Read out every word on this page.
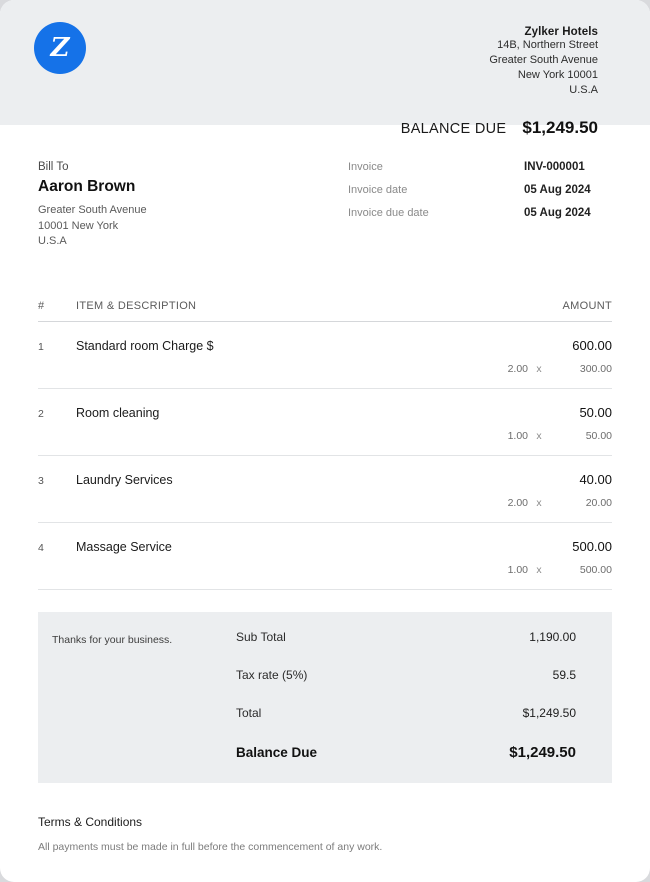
Z
Zylker Hotels
14B, Northern Street
Greater South Avenue
New York 10001
U.S.A
BALANCE DUE $1,249.50
Bill To
Aaron Brown
Greater South Avenue
10001 New York
U.S.A
Invoice	INV-000001
Invoice date	05 Aug 2024
Invoice due date	05 Aug 2024
#	ITEM & DESCRIPTION	AMOUNT
1	Standard room Charge $	600.00
2.00 x	300.00
2	Room cleaning	50.00
1.00 x	50.00
3	Laundry Services	40.00
2.00 x	20.00
4	Massage Service	500.00
1.00 x	500.00
Thanks for your business.	Sub Total	1,190.00
Tax rate (5%)	59.5
Total	$1,249.50
Balance Due	$1,249.50
Terms & Conditions
All payments must be made in full before the commencement of any work.
